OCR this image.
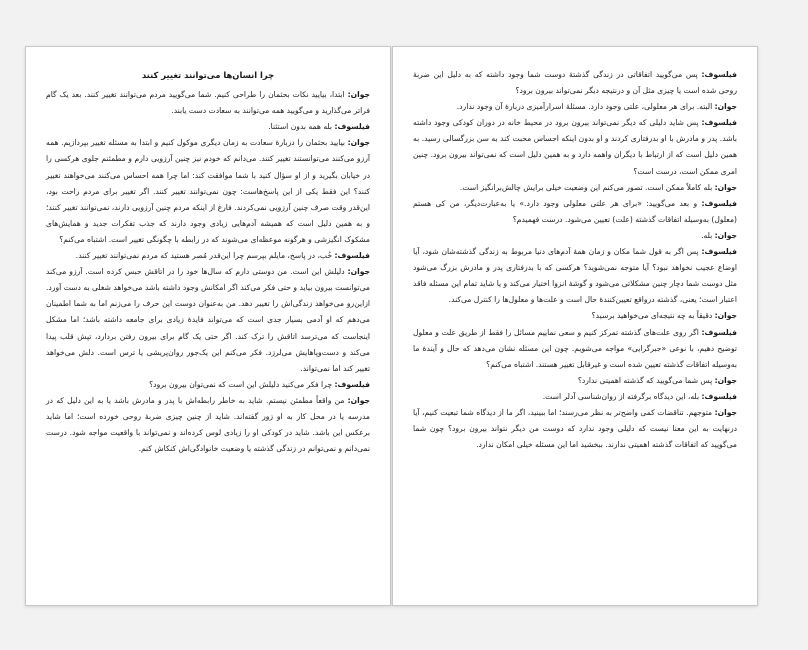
چرا انسان‌ها می‌توانند تغییر کنند

جوان: ابتدا، بیایید نکات بحثمان را طراحی کنیم. شما می‌گویید مردم می‌توانند تغییر کنند. بعد یک گام فراتر می‌گذارید و می‌گویید همه می‌توانند به سعادت دست یابند.

فیلسوف: بله همه بدون استثنا.

جوان: بیایید بحثمان را دربارهٔ سعادت به زمان دیگری موکول کنیم و ابتدا به مسئله تغییر بپردازیم. همه آرزو می‌کنند می‌توانستند تغییر کنند. می‌دانم که خودم نیز چنین آرزویی دارم و مطمئنم جلوی هرکسی را در خیابان بگیرید و از او سؤال کنید با شما موافقت کند: اما چرا همه احساس می‌کنند می‌خواهند تغییر کنند؟ این فقط یکی از این پاسخ‌هاست: چون نمی‌توانند تغییر کنند. اگر تغییر برای مردم راحت بود، این‌قدر وقت صرف چنین آرزویی نمی‌کردند. فارغ از اینکه مردم چنین آرزویی دارند، نمی‌توانند تغییر کنند؛ و به همین دلیل است که همیشه آدم‌هایی زیادی وجود دارند که جذب تفکرات جدید و همایش‌های مشکوک انگیزشی و هرگونه موعظه‌ای می‌شوند که در رابطه با چگونگی تغییر است. اشتباه می‌کنم؟

فیلسوف: خُب، در پاسخ، مایلم بپرسم چرا این‌قدر مُصر هستید که مردم نمی‌توانند تغییر کنند.

جوان: دلیلش این است. من دوستی دارم که سال‌ها خود را در اتاقش حبس کرده است. آرزو می‌کند می‌توانست بیرون بیاید و حتی فکر می‌کند اگر امکانش وجود داشته باشد می‌خواهد شغلی به دست آورد. ازاین‌رو می‌خواهد زندگی‌اش را تغییر دهد. من به‌عنوان دوست این حرف را می‌زنم اما به شما اطمینان می‌دهم که او آدمی بسیار جدی است که می‌تواند فایدهٔ زیادی برای جامعه داشته باشد؛ اما مشکل اینجاست که می‌ترسد اتاقش را ترک کند. اگر حتی یک گام برای بیرون رفتن بردارد، تپش قلب پیدا می‌کند و دست‌وپاهایش می‌لرزد. فکر می‌کنم این یک‌جور روان‌پریشی یا ترس است. دلش می‌خواهد تغییر کند اما نمی‌تواند.

فیلسوف: چرا فکر می‌کنید دلیلش این است که نمی‌توان بیرون برود؟

جوان: من واقعاً مطمئن نیستم. شاید به خاطر رابطه‌اش با پدر و مادرش باشد یا به این دلیل که در مدرسه یا در محل کار به او زور گفته‌اند. شاید از چنین چیزی ضربهٔ روحی خورده است؛ اما شاید برعکس این باشد. شاید در کودکی او را زیادی لوس کرده‌اند و نمی‌تواند با واقعیت مواجه شود. درست نمی‌دانم و نمی‌توانم در زندگی گذشته یا وضعیت خانوادگی‌اش کنکاش کنم.

فیلسوف: پس می‌گویید اتفاقاتی در زندگی گذشتهٔ دوست شما وجود داشته که به دلیل این ضربهٔ روحی شده است یا چیزی مثل آن و درنتیجه دیگر نمی‌تواند بیرون برود؟

جوان: البته. برای هر معلولی، علتی وجود دارد. مسئلهٔ اسرارآمیزی دربارهٔ آن وجود ندارد.

فیلسوف: پس شاید دلیلی که دیگر نمی‌تواند بیرون برود در محیط خانه در دوران کودکی وجود داشته باشد. پدر و مادرش با او بدرفتاری کردند و او بدون اینکه احساس محبت کند به سن بزرگسالی رسید. به همین دلیل است که از ارتباط با دیگران واهمه دارد و به همین دلیل است که نمی‌تواند بیرون برود. چنین امری ممکن است، درست است؟

جوان: بله کاملاً ممکن است. تصور می‌کنم این وضعیت خیلی برایش چالش‌برانگیز است.

فیلسوف: و بعد می‌گویید: «برای هر علتی معلولی وجود دارد.» یا به‌عبارت‌دیگر، من کی هستم (معلول) به‌وسیله اتفاقات گذشته (علت) تعیین می‌شود. درست فهمیدم؟

جوان: بله.

فیلسوف: پس اگر به قول شما مکان و زمان همهٔ آدم‌های دنیا مربوط به زندگی گذشته‌شان شود، آیا اوضاع عجیب نخواهد نبود؟ آیا متوجه نمی‌شوید؟ هرکسی که با بدرفتاری پدر و مادرش بزرگ می‌شود مثل دوست شما دچار چنین مشکلاتی می‌شود و گوشهٔ انزوا اختیار می‌کند و یا شاید تمام این مسئله فاقد اعتبار است؛ یعنی، گذشته درواقع تعیین‌کنندهٔ حال است و علت‌ها و معلول‌ها را کنترل می‌کند.

جوان: دقیقاً به چه نتیجه‌ای می‌خواهید برسید؟

فیلسوف: اگر روی علت‌های گذشته تمرکز کنیم و سعی نماییم مسائل را فقط از طریق علت و معلول توضیح دهیم، با نوعی «جبرگرایی» مواجه می‌شویم. چون این مسئله نشان می‌دهد که حال و آیندهٔ ما به‌وسیله اتفاقات گذشته تعیین شده است و غیرقابل تغییر هستند. اشتباه می‌کنم؟

جوان: پس شما می‌گویید که گذشته اهمیتی ندارد؟

فیلسوف: بله، این دیدگاه برگرفته از روان‌شناسی آدلر است.

جوان: متوجهم. تناقضات کمی واضح‌تر به نظر می‌رسند؛ اما ببینید، اگر ما از دیدگاه شما تبعیت کنیم، آیا درنهایت به این معنا نیست که دلیلی وجود ندارد که دوست من دیگر نتواند بیرون برود؟ چون شما می‌گویید که اتفاقات گذشته اهمیتی ندارند. ببخشید اما این مسئله خیلی امکان ندارد.
